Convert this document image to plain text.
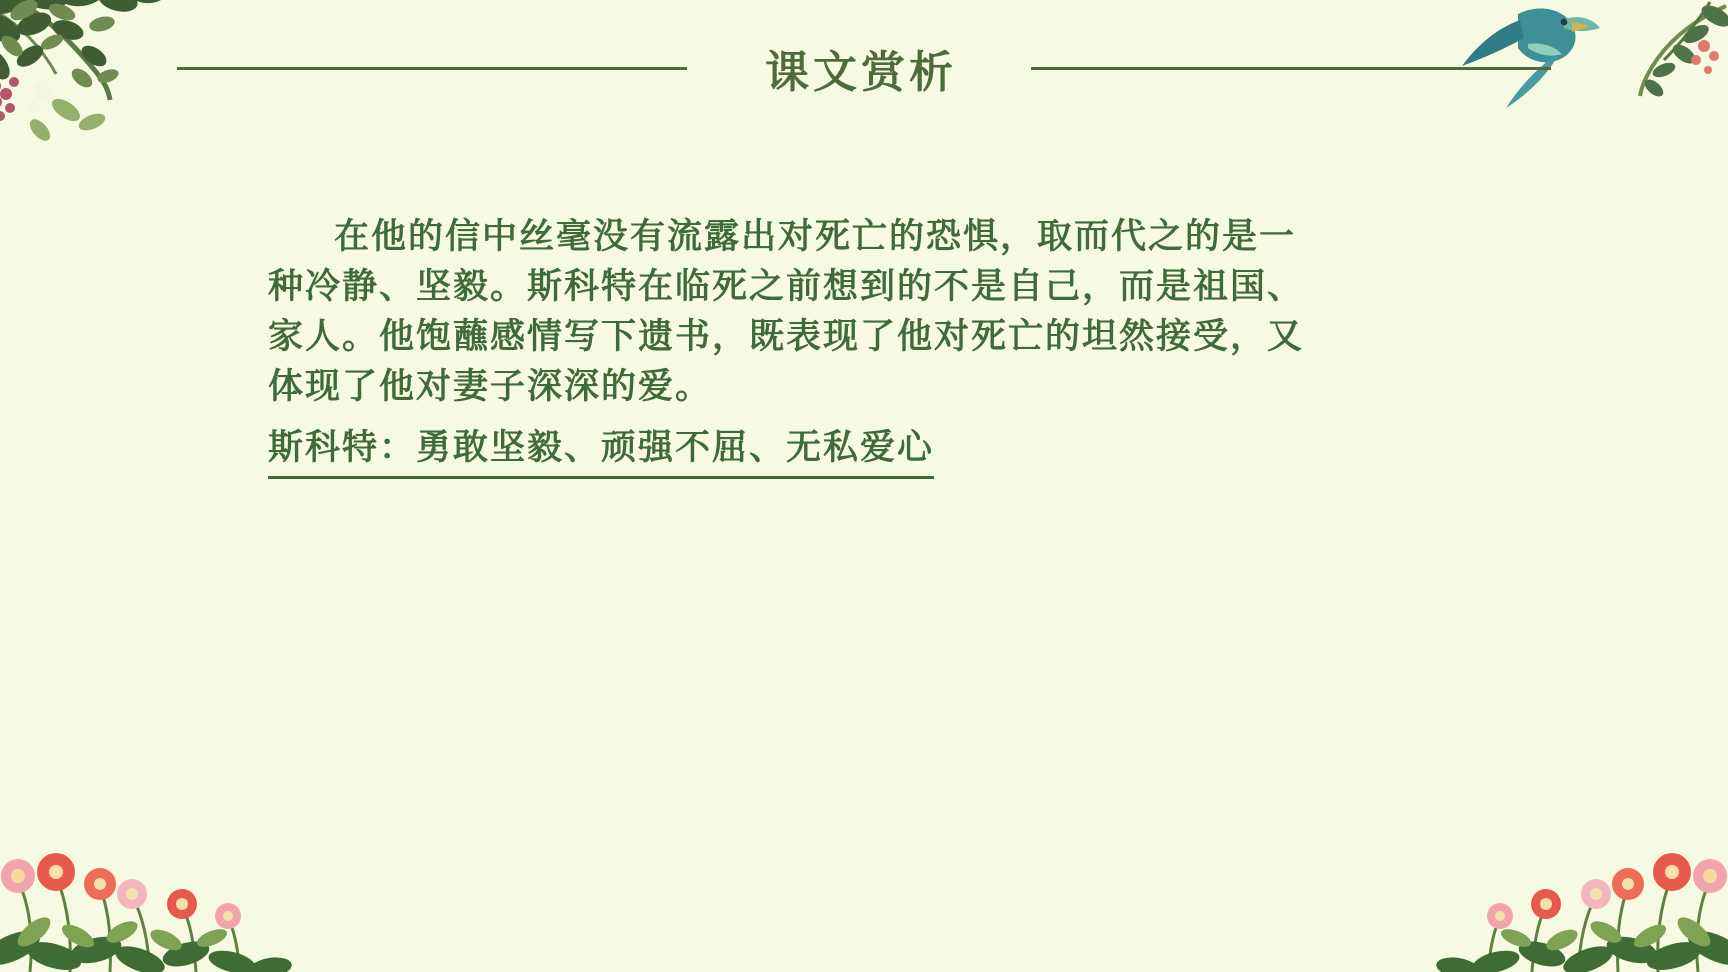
课文赏析

在他的信中丝毫没有流露出对死亡的恐惧，取而代之的是一种冷静、坚毅。斯科特在临死之前想到的不是自己，而是祖国、家人。他饱蘸感情写下遗书，既表现了他对死亡的坦然接受，又体现了他对妻子深深的爱。

斯科特：勇敢坚毅、顽强不屈、无私爱心
